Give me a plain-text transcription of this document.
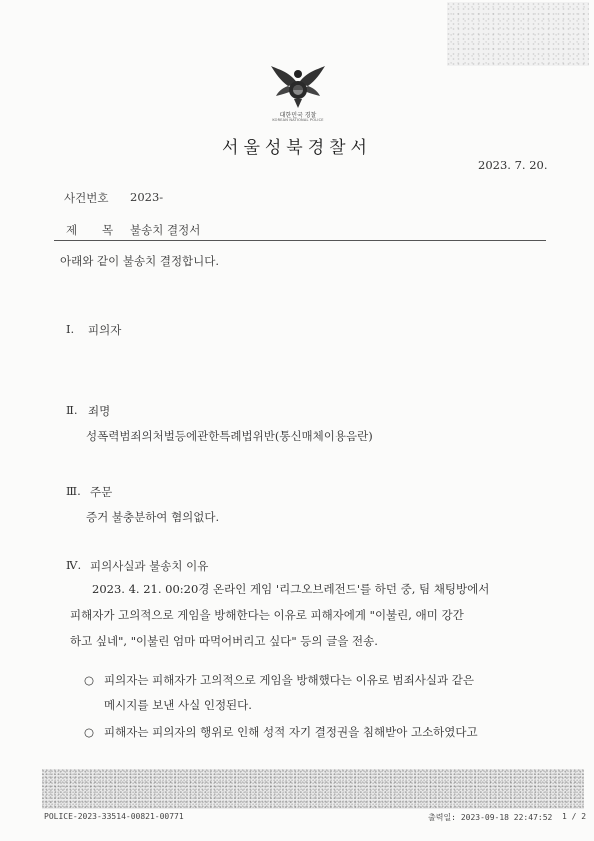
대한민국 경찰
KOREAN NATIONAL POLICE
서울성북경찰서
2023. 7. 20.
사건번호 2023-
제 목 불송치 결정서
아래와 같이 불송치 결정합니다.
Ⅰ. 피의자
Ⅱ. 죄명
성폭력범죄의처벌등에관한특례법위반(통신매체이용음란)
Ⅲ. 주문
증거 불충분하여 혐의없다.
Ⅳ. 피의사실과 불송치 이유
2023. 4. 21. 00:20경 온라인 게임 '리그오브레전드'를 하던 중, 팀 채팅방에서
피해자가 고의적으로 게임을 방해한다는 이유로 피해자에게 "이불린, 애미 강간
하고 싶네", "이불린 엄마 따먹어버리고 싶다" 등의 글을 전송.
○ 피의자는 피해자가 고의적으로 게임을 방해했다는 이유로 범죄사실과 같은
메시지를 보낸 사실 인정된다.
○ 피해자는 피의자의 행위로 인해 성적 자기 결정권을 침해받아 고소하였다고
POLICE-2023-33514-00821-00771	출력일: 2023-09-18 22:47:52 1 / 2
